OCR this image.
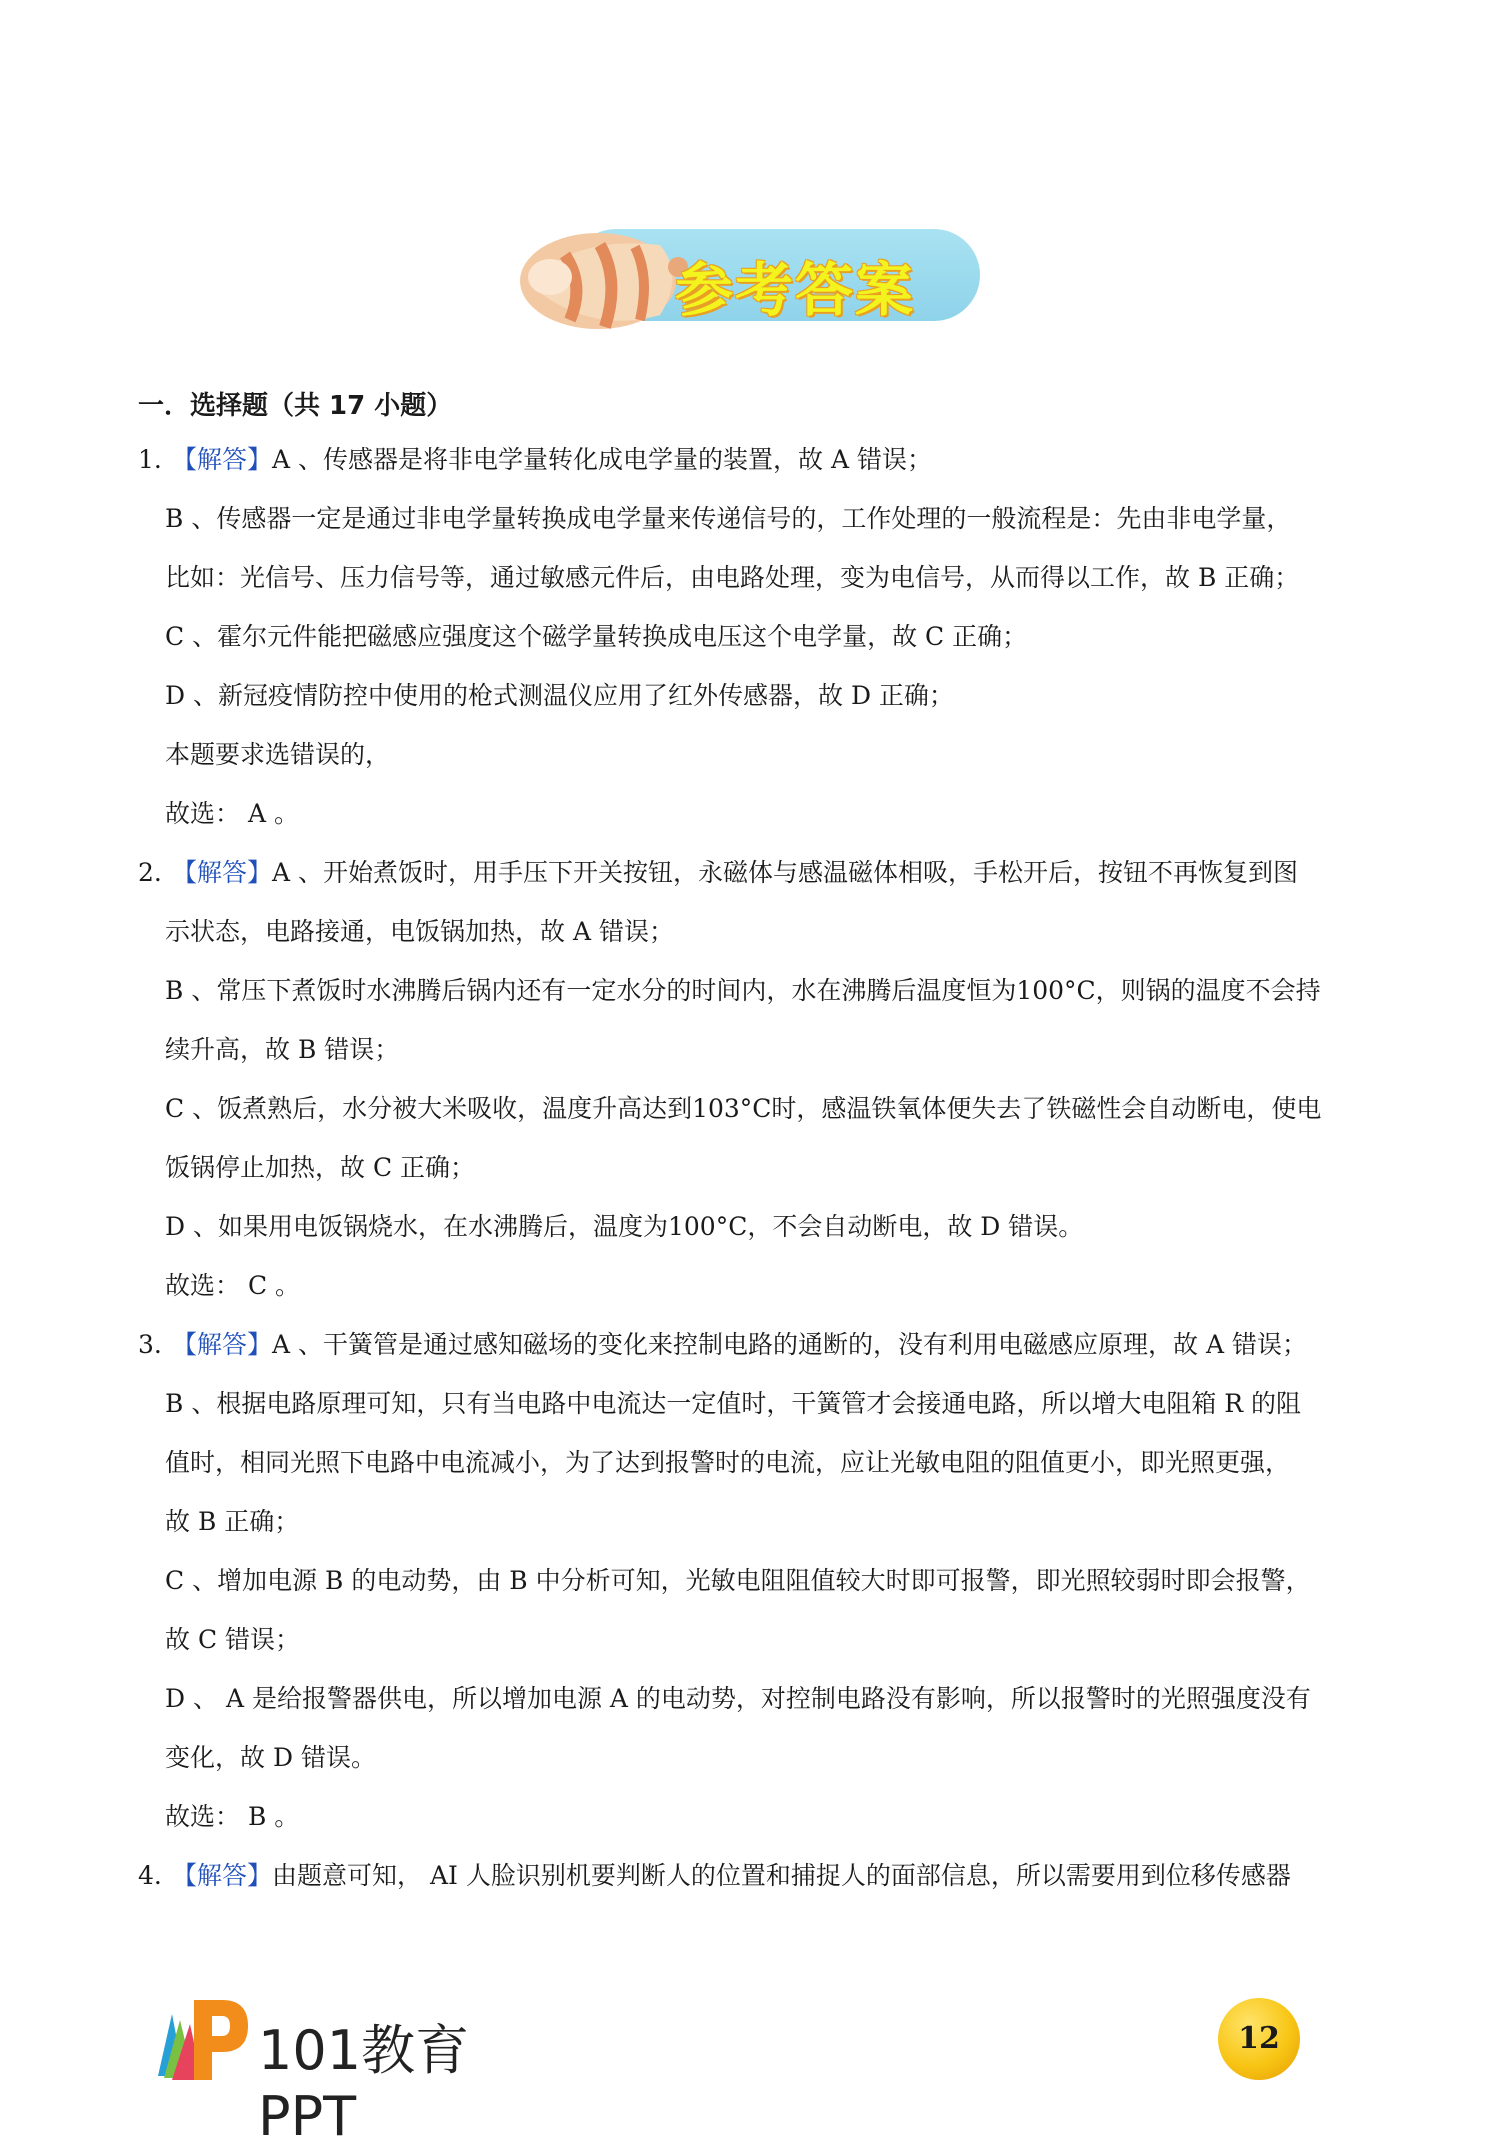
参考答案
一．选择题（共 17 小题）
1. 【解答】A 、传感器是将非电学量转化成电学量的装置，故 A 错误；
B 、传感器一定是通过非电学量转换成电学量来传递信号的，工作处理的一般流程是：先由非电学量，
比如：光信号、压力信号等，通过敏感元件后，由电路处理，变为电信号，从而得以工作，故 B 正确；
C 、霍尔元件能把磁感应强度这个磁学量转换成电压这个电学量，故 C 正确；
D 、新冠疫情防控中使用的枪式测温仪应用了红外传感器，故 D 正确；
本题要求选错误的，
故选： A 。
2. 【解答】A 、开始煮饭时，用手压下开关按钮，永磁体与感温磁体相吸，手松开后，按钮不再恢复到图
示状态，电路接通，电饭锅加热，故 A 错误；
B 、常压下煮饭时水沸腾后锅内还有一定水分的时间内，水在沸腾后温度恒为100°C，则锅的温度不会持
续升高，故 B 错误；
C 、饭煮熟后，水分被大米吸收，温度升高达到103°C时，感温铁氧体便失去了铁磁性会自动断电，使电
饭锅停止加热，故 C 正确；
D 、如果用电饭锅烧水，在水沸腾后，温度为100°C，不会自动断电，故 D 错误。
故选： C 。
3. 【解答】A 、干簧管是通过感知磁场的变化来控制电路的通断的，没有利用电磁感应原理，故 A 错误；
B 、根据电路原理可知，只有当电路中电流达一定值时，干簧管才会接通电路，所以增大电阻箱 R 的阻
值时，相同光照下电路中电流减小，为了达到报警时的电流，应让光敏电阻的阻值更小，即光照更强，
故 B 正确；
C 、增加电源 B 的电动势，由 B 中分析可知，光敏电阻阻值较大时即可报警，即光照较弱时即会报警，
故 C 错误；
D 、 A 是给报警器供电，所以增加电源 A 的电动势，对控制电路没有影响，所以报警时的光照强度没有
变化，故 D 错误。
故选： B 。
4. 【解答】由题意可知， AI 人脸识别机要判断人的位置和捕捉人的面部信息，所以需要用到位移传感器
101教育PPT
12
